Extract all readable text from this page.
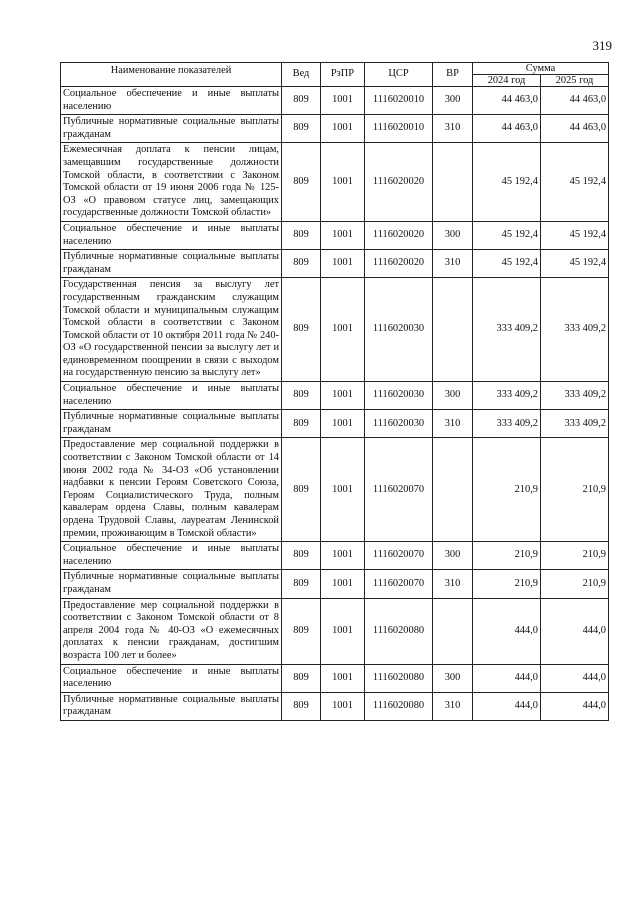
319
Наименование показателей	Вед	РзПР	ЦСР	ВР	Сумма	
					2024 год	2025 год
Социальное обеспечение и иные выплаты населению	809	1001	1116020010	300	44 463,0	44 463,0
Публичные нормативные социальные выплаты гражданам	809	1001	1116020010	310	44 463,0	44 463,0
Ежемесячная доплата к пенсии лицам, замещавшим государственные должности Томской области, в соответствии с Законом Томской области от 19 июня 2006 года № 125-ОЗ «О правовом статусе лиц, замещающих государственные должности Томской области»	809	1001	1116020020		45 192,4	45 192,4
Социальное обеспечение и иные выплаты населению	809	1001	1116020020	300	45 192,4	45 192,4
Публичные нормативные социальные выплаты гражданам	809	1001	1116020020	310	45 192,4	45 192,4
Государственная пенсия за выслугу лет государственным гражданским служащим Томской области и муниципальным служащим Томской области в соответствии с Законом Томской области от 10 октября 2011 года № 240-ОЗ «О государственной пенсии за выслугу лет и единовременном поощрении в связи с выходом на государственную пенсию за выслугу лет»	809	1001	1116020030		333 409,2	333 409,2
Социальное обеспечение и иные выплаты населению	809	1001	1116020030	300	333 409,2	333 409,2
Публичные нормативные социальные выплаты гражданам	809	1001	1116020030	310	333 409,2	333 409,2
Предоставление мер социальной поддержки в соответствии с Законом Томской области от 14 июня 2002 года № 34-ОЗ «Об установлении надбавки к пенсии Героям Советского Союза, Героям Социалистического Труда, полным кавалерам ордена Славы, полным кавалерам ордена Трудовой Славы, лауреатам Ленинской премии, проживающим в Томской области»	809	1001	1116020070		210,9	210,9
Социальное обеспечение и иные выплаты населению	809	1001	1116020070	300	210,9	210,9
Публичные нормативные социальные выплаты гражданам	809	1001	1116020070	310	210,9	210,9
Предоставление мер социальной поддержки в соответствии с Законом Томской области от 8 апреля 2004 года № 40-ОЗ «О ежемесячных доплатах к пенсии гражданам, достигшим возраста 100 лет и более»	809	1001	1116020080		444,0	444,0
Социальное обеспечение и иные выплаты населению	809	1001	1116020080	300	444,0	444,0
Публичные нормативные социальные выплаты гражданам	809	1001	1116020080	310	444,0	444,0
